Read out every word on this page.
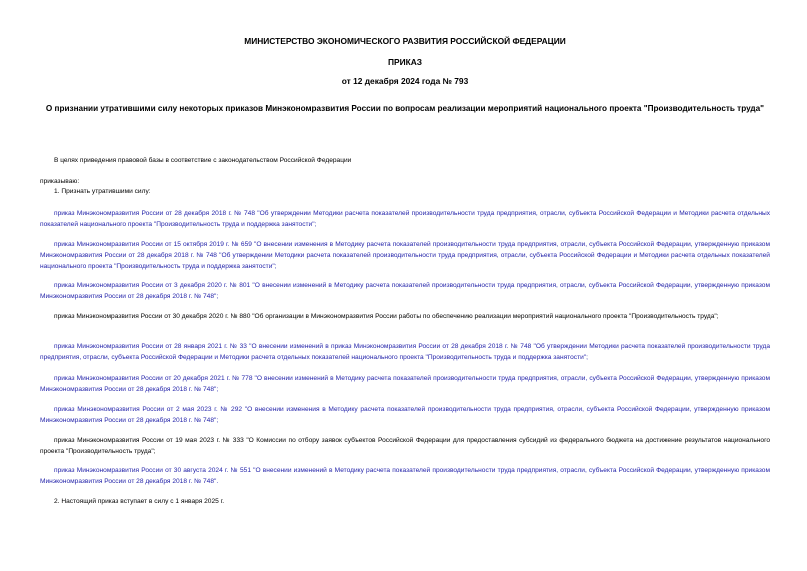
МИНИСТЕРСТВО ЭКОНОМИЧЕСКОГО РАЗВИТИЯ РОССИЙСКОЙ ФЕДЕРАЦИИ
ПРИКАЗ
от 12 декабря 2024 года № 793
О признании утратившими силу некоторых приказов Минэкономразвития России по вопросам реализации мероприятий национального проекта "Производительность труда"
В целях приведения правовой базы в соответствие с законодательством Российской Федерации
приказываю:
1. Признать утратившими силу:
приказ Минэкономразвития России от 28 декабря 2018 г. № 748 "Об утверждении Методики расчета показателей производительности труда предприятия, отрасли, субъекта Российской Федерации и Методики расчета отдельных показателей национального проекта "Производительность труда и поддержка занятости";
приказ Минэкономразвития России от 15 октября 2019 г. № 659 "О внесении изменения в Методику расчета показателей производительности труда предприятия, отрасли, субъекта Российской Федерации, утвержденную приказом Минэкономразвития России от 28 декабря 2018 г. № 748 "Об утверждении Методики расчета показателей производительности труда предприятия, отрасли, субъекта Российской Федерации и Методики расчета отдельных показателей национального проекта "Производительность труда и поддержка занятости";
приказ Минэкономразвития России от 3 декабря 2020 г. № 801 "О внесении изменений в Методику расчета показателей производительности труда предприятия, отрасли, субъекта Российской Федерации, утвержденную приказом Минэкономразвития России от 28 декабря 2018 г. № 748";
приказ Минэкономразвития России от 30 декабря 2020 г. № 880 "Об организации в Минэкономразвития России работы по обеспечению реализации мероприятий национального проекта "Производительность труда";
приказ Минэкономразвития России от 28 января 2021 г. № 33 "О внесении изменений в приказ Минэкономразвития России от 28 декабря 2018 г. № 748 "Об утверждении Методики расчета показателей производительности труда предприятия, отрасли, субъекта Российской Федерации и Методики расчета отдельных показателей национального проекта "Производительность труда и поддержка занятости";
приказ Минэкономразвития России от 20 декабря 2021 г. № 778 "О внесении изменений в Методику расчета показателей производительности труда предприятия, отрасли, субъекта Российской Федерации, утвержденную приказом Минэкономразвития России от 28 декабря 2018 г. № 748";
приказ Минэкономразвития России от 2 мая 2023 г. № 292 "О внесении изменения в Методику расчета показателей производительности труда предприятия, отрасли, субъекта Российской Федерации, утвержденную приказом Минэкономразвития России от 28 декабря 2018 г. № 748";
приказ Минэкономразвития России от 19 мая 2023 г. № 333 "О Комиссии по отбору заявок субъектов Российской Федерации для предоставления субсидий из федерального бюджета на достижение результатов национального проекта "Производительность труда";
приказ Минэкономразвития России от 30 августа 2024 г. № 551 "О внесении изменений в Методику расчета показателей производительности труда предприятия, отрасли, субъекта Российской Федерации, утвержденную приказом Минэкономразвития России от 28 декабря 2018 г. № 748".
2. Настоящий приказ вступает в силу с 1 января 2025 г.
